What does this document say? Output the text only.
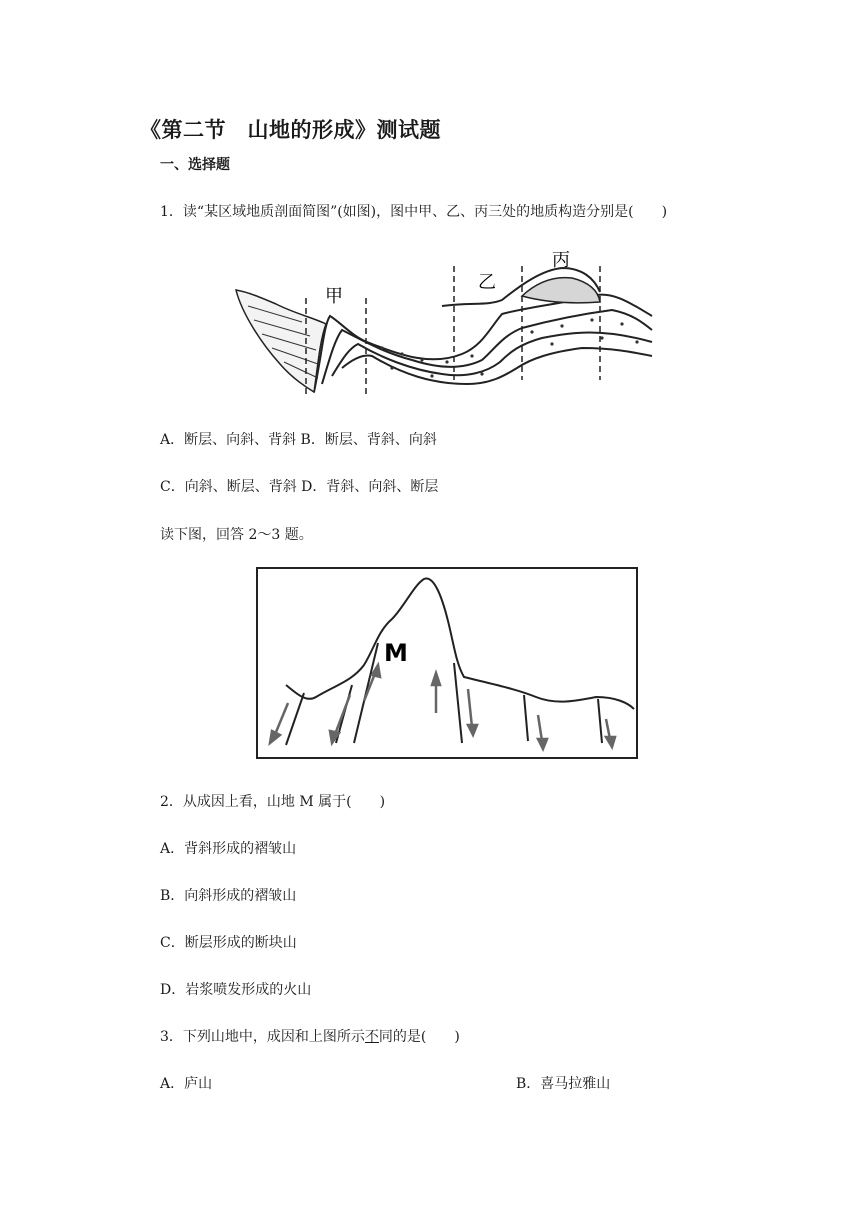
《第二节　山地的形成》测试题
一、选择题
1．读“某区域地质剖面简图”(如图)，图中甲、乙、丙三处的地质构造分别是(　　)
甲
乙
丙
A．断层、向斜、背斜 B．断层、背斜、向斜
C．向斜、断层、背斜 D．背斜、向斜、断层
读下图，回答 2～3 题。
M
2．从成因上看，山地 M 属于(　　)
A．背斜形成的褶皱山
B．向斜形成的褶皱山
C．断层形成的断块山
D．岩浆喷发形成的火山
3．下列山地中，成因和上图所示不同的是(　　)
A．庐山	B．喜马拉雅山
